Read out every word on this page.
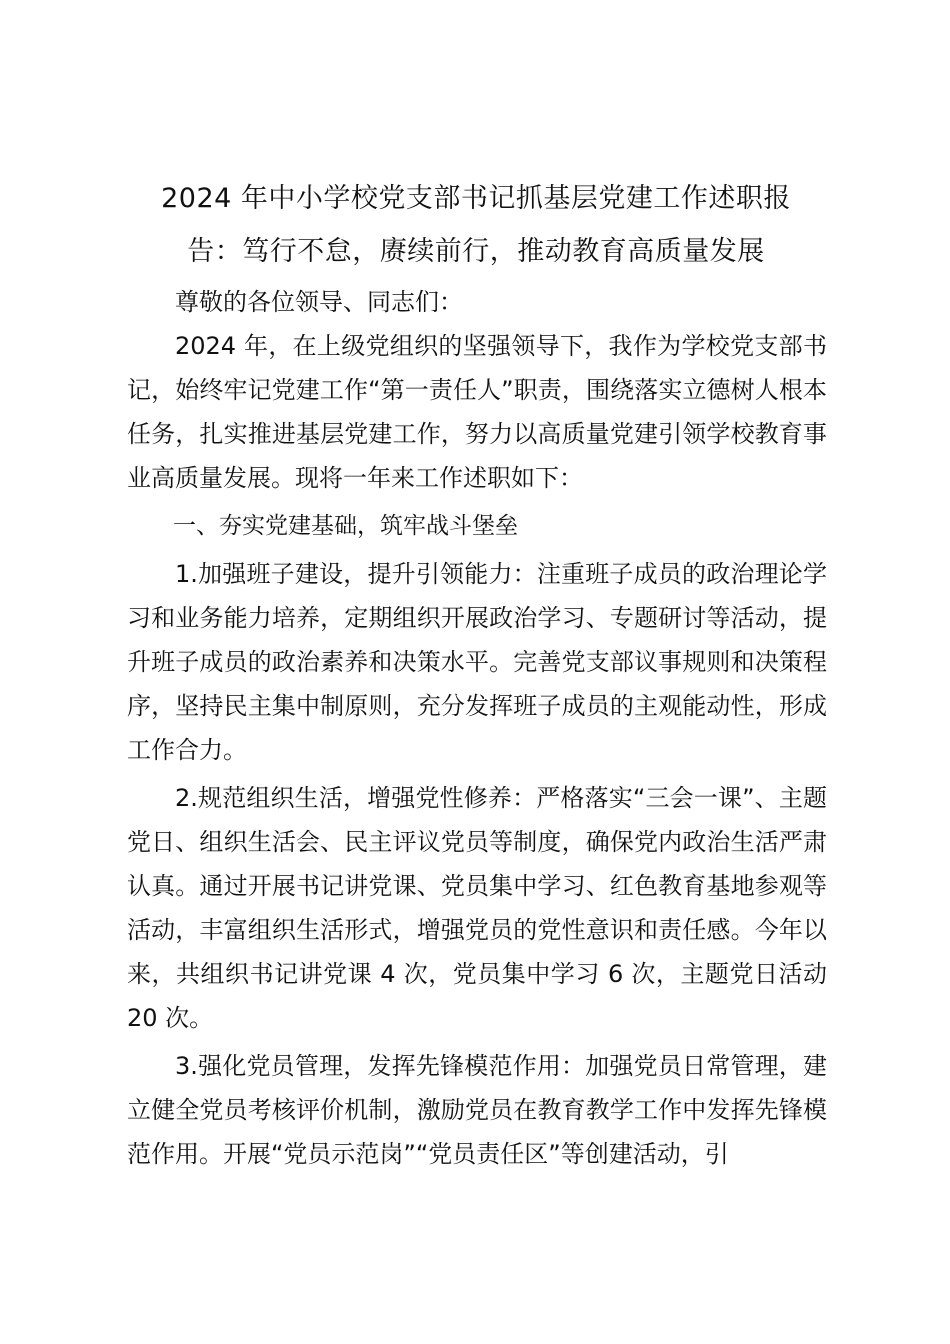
2024 年中小学校党支部书记抓基层党建工作述职报
告：笃行不怠，赓续前行，推动教育高质量发展

尊敬的各位领导、同志们：

2024 年，在上级党组织的坚强领导下，我作为学校党支部书记，始终牢记党建工作“第一责任人”职责，围绕落实立德树人根本任务，扎实推进基层党建工作，努力以高质量党建引领学校教育事业高质量发展。现将一年来工作述职如下：

一、夯实党建基础，筑牢战斗堡垒

1.加强班子建设，提升引领能力：注重班子成员的政治理论学习和业务能力培养，定期组织开展政治学习、专题研讨等活动，提升班子成员的政治素养和决策水平。完善党支部议事规则和决策程序，坚持民主集中制原则，充分发挥班子成员的主观能动性，形成工作合力。

2.规范组织生活，增强党性修养：严格落实“三会一课”、主题党日、组织生活会、民主评议党员等制度，确保党内政治生活严肃认真。通过开展书记讲党课、党员集中学习、红色教育基地参观等活动，丰富组织生活形式，增强党员的党性意识和责任感。今年以来，共组织书记讲党课 4 次，党员集中学习 6 次，主题党日活动 20 次。

3.强化党员管理，发挥先锋模范作用：加强党员日常管理，建立健全党员考核评价机制，激励党员在教育教学工作中发挥先锋模范作用。开展“党员示范岗”“党员责任区”等创建活动，引
